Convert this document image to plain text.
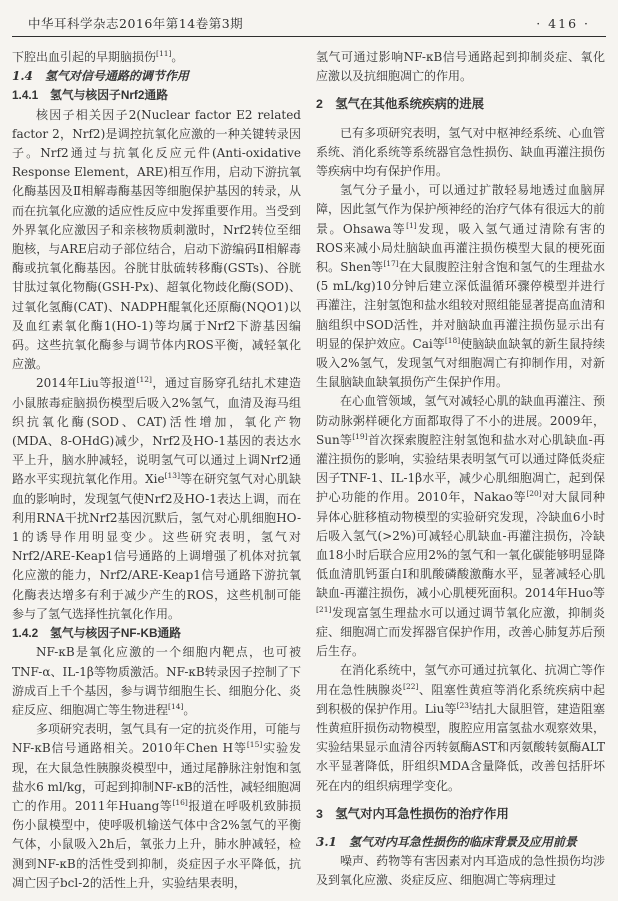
中华耳科学杂志2016年第14卷第3期	· 416 ·

下腔出血引起的早期脑损伤[11]。

1.4　氢气对信号通路的调节作用

1.4.1　氢气与核因子Nrf2通路

核因子相关因子2(Nuclear factor E2 related factor 2，Nrf2)是调控抗氧化应激的一种关键转录因子。Nrf2通过与抗氧化反应元件(Anti-oxidative Response Element，ARE)相互作用，启动下游抗氧化酶基因及Ⅱ相解毒酶基因等细胞保护基因的转录，从而在抗氧化应激的适应性反应中发挥重要作用。当受到外界氧化应激因子和亲核物质刺激时，Nrf2转位至细胞核，与ARE启动子部位结合，启动下游编码Ⅱ相解毒酶或抗氧化酶基因。谷胱甘肽硫转移酶(GSTs)、谷胱甘肽过氧化物酶(GSH-Px)、超氧化物歧化酶(SOD)、过氧化氢酶(CAT)、NADPH醌氧化还原酶(NQO1)以及血红素氧化酶1(HO-1)等均属于Nrf2下游基因编码。这些抗氧化酶参与调节体内ROS平衡，减轻氧化应激。

2014年Liu等报道[12]，通过盲肠穿孔结扎术建造小鼠脓毒症脑损伤模型后吸入2%氢气，血清及海马组织抗氧化酶(SOD、CAT)活性增加，氧化产物(MDA、8-OHdG)减少，Nrf2及HO-1基因的表达水平上升，脑水肿减轻，说明氢气可以通过上调Nrf2通路水平实现抗氧化作用。Xie[13]等在研究氢气对心肌缺血的影响时，发现氢气使Nrf2及HO-1表达上调，而在利用RNA干扰Nrf2基因沉默后，氢气对心肌细胞HO-1的诱导作用明显变少。这些研究表明，氢气对Nrf2/ARE-Keap1信号通路的上调增强了机体对抗氧化应激的能力，Nrf2/ARE-Keap1信号通路下游抗氧化酶表达增多有利于减少产生的ROS，这些机制可能参与了氢气选择性抗氧化作用。

1.4.2　氢气与核因子NF-KB通路

NF-κB是氧化应激的一个细胞内靶点，也可被TNF-α、IL-1β等物质激活。NF-κB转录因子控制了下游成百上千个基因，参与调节细胞生长、细胞分化、炎症反应、细胞凋亡等生物进程[14]。

多项研究表明，氢气具有一定的抗炎作用，可能与NF-κB信号通路相关。2010年Chen H等[15]实验发现，在大鼠急性胰腺炎模型中，通过尾静脉注射饱和氢盐水6 ml/kg，可起到抑制NF-κB的活性，减轻细胞凋亡的作用。2011年Huang等[16]报道在呼吸机致肺损伤小鼠模型中，使呼吸机输送气体中含2%氢气的平衡气体，小鼠吸入2h后，氧张力上升，肺水肿减轻，检测到NF-κB的活性受到抑制，炎症因子水平降低，抗凋亡因子bcl-2的活性上升，实验结果表明，

氢气可通过影响NF-κB信号通路起到抑制炎症、氧化应激以及抗细胞凋亡的作用。

2　氢气在其他系统疾病的进展

已有多项研究表明，氢气对中枢神经系统、心血管系统、消化系统等系统器官急性损伤、缺血再灌注损伤等疾病中均有保护作用。

氢气分子量小，可以通过扩散轻易地透过血脑屏障，因此氢气作为保护颅神经的治疗气体有很远大的前景。Ohsawa等[1]发现，吸入氢气通过清除有害的ROS来减小局灶脑缺血再灌注损伤模型大鼠的梗死面积。Shen等[17]在大鼠腹腔注射含饱和氢气的生理盐水(5 mL/kg)10分钟后建立深低温循环骤停模型并进行再灌注，注射氢饱和盐水组较对照组能显著提高血清和脑组织中SOD活性，并对脑缺血再灌注损伤显示出有明显的保护效应。Cai等[18]使脑缺血缺氧的新生鼠持续吸入2%氢气，发现氢气对细胞凋亡有抑制作用，对新生鼠脑缺血缺氧损伤产生保护作用。

在心血管领域，氢气对减轻心肌的缺血再灌注、预防动脉粥样硬化方面都取得了不小的进展。2009年，Sun等[19]首次探索腹腔注射氢饱和盐水对心肌缺血-再灌注损伤的影响，实验结果表明氢气可以通过降低炎症因子TNF-1、IL-1β水平，减少心肌细胞凋亡，起到保护心功能的作用。2010年，Nakao等[20]对大鼠同种异体心脏移植动物模型的实验研究发现，冷缺血6小时后吸入氢气(>2%)可减轻心肌缺血-再灌注损伤，冷缺血18小时后联合应用2%的氢气和一氧化碳能够明显降低血清肌钙蛋白I和肌酸磷酸激酶水平，显著减轻心肌缺血-再灌注损伤，减小心肌梗死面积。2014年Huo等[21]发现富氢生理盐水可以通过调节氧化应激，抑制炎症、细胞凋亡而发挥器官保护作用，改善心肺复苏后预后生存。

在消化系统中，氢气亦可通过抗氧化、抗凋亡等作用在急性胰腺炎[22]、阻塞性黄疸等消化系统疾病中起到积极的保护作用。Liu等[23]结扎大鼠胆管，建造阻塞性黄疸肝损伤动物模型，腹腔应用富氢盐水观察效果，实验结果显示血清谷丙转氨酶AST和丙氨酸转氨酶ALT水平显著降低，肝组织MDA含量降低，改善包括肝坏死在内的组织病理学变化。

3　氢气对内耳急性损伤的治疗作用

3.1　氢气对内耳急性损伤的临床背景及应用前景

噪声、药物等有害因素对内耳造成的急性损伤均涉及到氧化应激、炎症反应、细胞凋亡等病理过
